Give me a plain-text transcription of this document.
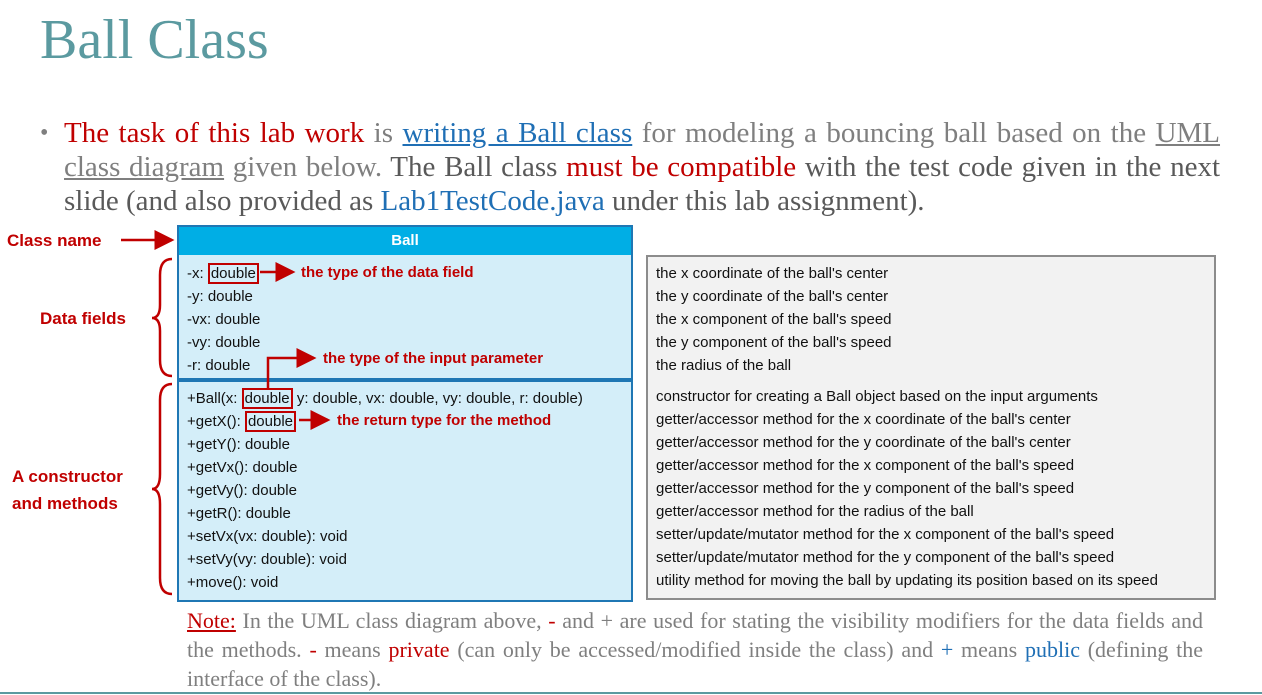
Ball Class
• The task of this lab work is writing a Ball class for modeling a bouncing ball based on the UML class diagram given below. The Ball class must be compatible with the test code given in the next slide (and also provided as Lab1TestCode.java under this lab assignment).
Class name
Data fields
A constructor
and methods
Ball
-x: double
-y: double
-vx: double
-vy: double
-r: double
+Ball(x: double y: double, vx: double, vy: double, r: double)
+getX(): double
+getY(): double
+getVx(): double
+getVy(): double
+getR(): double
+setVx(vx: double): void
+setVy(vy: double): void
+move(): void
the x coordinate of the ball's center
the y coordinate of the ball's center
the x component of the ball's speed
the y component of the ball's speed
the radius of the ball
constructor for creating a Ball object based on the input arguments
getter/accessor method for the x coordinate of the ball's center
getter/accessor method for the y coordinate of the ball's center
getter/accessor method for the x component of the ball's speed
getter/accessor method for the y component of the ball's speed
getter/accessor method for the radius of the ball
setter/update/mutator method for the x component of the ball's speed
setter/update/mutator method for the y component of the ball's speed
utility method for moving the ball by updating its position based on its speed
the type of the data field
the type of the input parameter
the return type for the method
Note: In the UML class diagram above, - and + are used for stating the visibility modifiers for the data fields and the methods. - means private (can only be accessed/modified inside the class) and + means public (defining the interface of the class).
